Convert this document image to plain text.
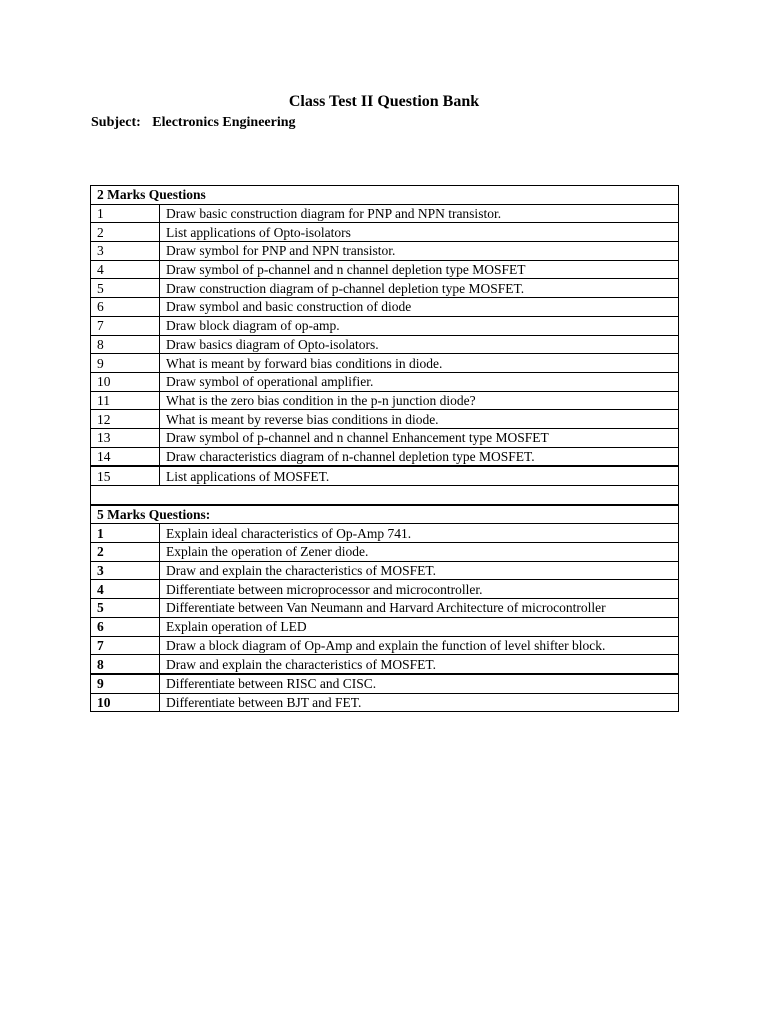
Class Test II Question Bank
Subject: Electronics Engineering
2 Marks Questions	
1	Draw basic construction diagram for PNP and NPN transistor.
2	List applications of Opto-isolators
3	Draw symbol for PNP and NPN transistor.
4	Draw symbol of p-channel and n channel depletion type MOSFET
5	Draw construction diagram of p-channel depletion type MOSFET.
6	Draw symbol and basic construction of diode
7	Draw block diagram of op-amp.
8	Draw basics diagram of Opto-isolators.
9	What is meant by forward bias conditions in diode.
10	Draw symbol of operational amplifier.
11	What is the zero bias condition in the p-n junction diode?
12	What is meant by reverse bias conditions in diode.
13	Draw symbol of p-channel and n channel Enhancement type MOSFET
14	Draw characteristics diagram of n-channel depletion type MOSFET.
15	List applications of MOSFET.

5 Marks Questions:	
1	Explain ideal characteristics of Op-Amp 741.
2	Explain the operation of Zener diode.
3	Draw and explain the characteristics of MOSFET.
4	Differentiate between microprocessor and microcontroller.
5	Differentiate between Van Neumann and Harvard Architecture of microcontroller
6	Explain operation of LED
7	Draw a block diagram of Op-Amp and explain the function of level shifter block.
8	Draw and explain the characteristics of MOSFET.
9	Differentiate between RISC and CISC.
10	Differentiate between BJT and FET.
